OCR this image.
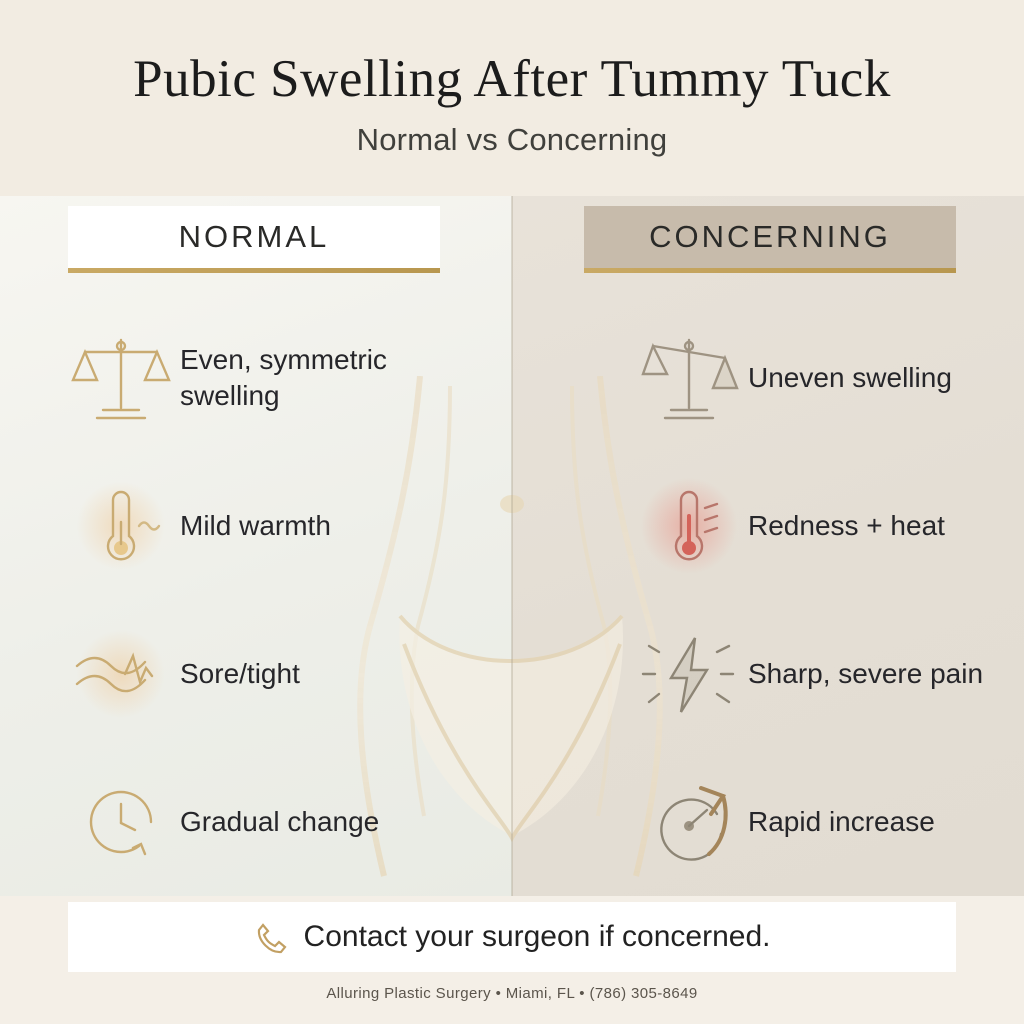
Pubic Swelling After Tummy Tuck

Normal vs Concerning

NORMAL	CONCERNING
Even, symmetric swelling
Mild warmth
Sore/tight
Gradual change
Uneven swelling
Redness + heat
Sharp, severe pain
Rapid increase
Contact your surgeon if concerned.
Alluring Plastic Surgery • Miami, FL • (786) 305-8649
